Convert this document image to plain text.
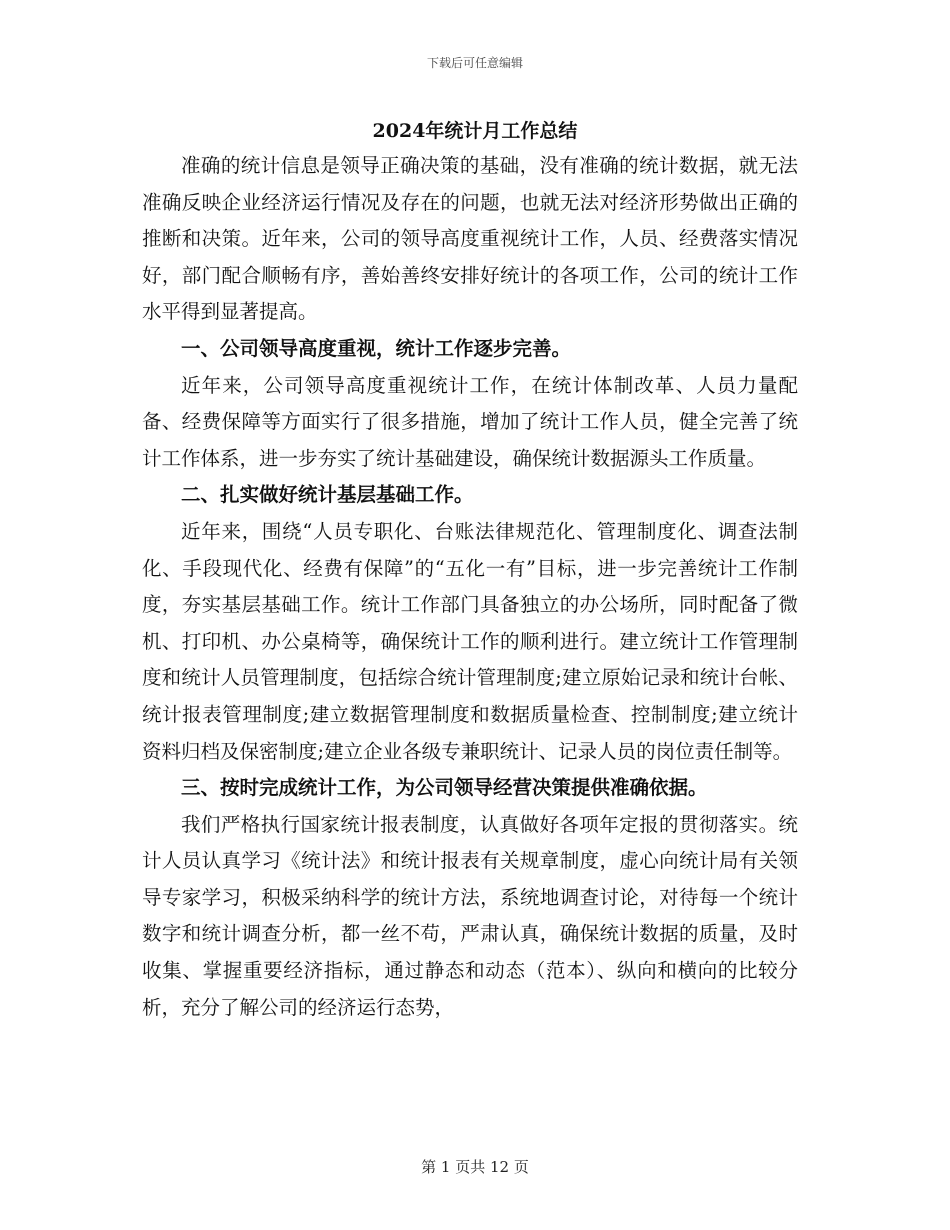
下载后可任意编辑
2024年统计月工作总结

准确的统计信息是领导正确决策的基础，没有准确的统计数据，就无法准确反映企业经济运行情况及存在的问题，也就无法对经济形势做出正确的推断和决策。近年来，公司的领导高度重视统计工作，人员、经费落实情况好，部门配合顺畅有序，善始善终安排好统计的各项工作，公司的统计工作水平得到显著提高。

一、公司领导高度重视，统计工作逐步完善。

近年来，公司领导高度重视统计工作，在统计体制改革、人员力量配备、经费保障等方面实行了很多措施，增加了统计工作人员，健全完善了统计工作体系，进一步夯实了统计基础建设，确保统计数据源头工作质量。

二、扎实做好统计基层基础工作。

近年来，围绕“人员专职化、台账法律规范化、管理制度化、调查法制化、手段现代化、经费有保障”的“五化一有”目标，进一步完善统计工作制度，夯实基层基础工作。统计工作部门具备独立的办公场所，同时配备了微机、打印机、办公桌椅等，确保统计工作的顺利进行。建立统计工作管理制度和统计人员管理制度，包括综合统计管理制度;建立原始记录和统计台帐、统计报表管理制度;建立数据管理制度和数据质量检查、控制制度;建立统计资料归档及保密制度;建立企业各级专兼职统计、记录人员的岗位责任制等。

三、按时完成统计工作，为公司领导经营决策提供准确依据。

我们严格执行国家统计报表制度，认真做好各项年定报的贯彻落实。统计人员认真学习《统计法》和统计报表有关规章制度，虚心向统计局有关领导专家学习，积极采纳科学的统计方法，系统地调查讨论，对待每一个统计数字和统计调查分析，都一丝不苟，严肃认真，确保统计数据的质量，及时收集、掌握重要经济指标，通过静态和动态（范本）、纵向和横向的比较分析，充分了解公司的经济运行态势，

第 1 页共 12 页
